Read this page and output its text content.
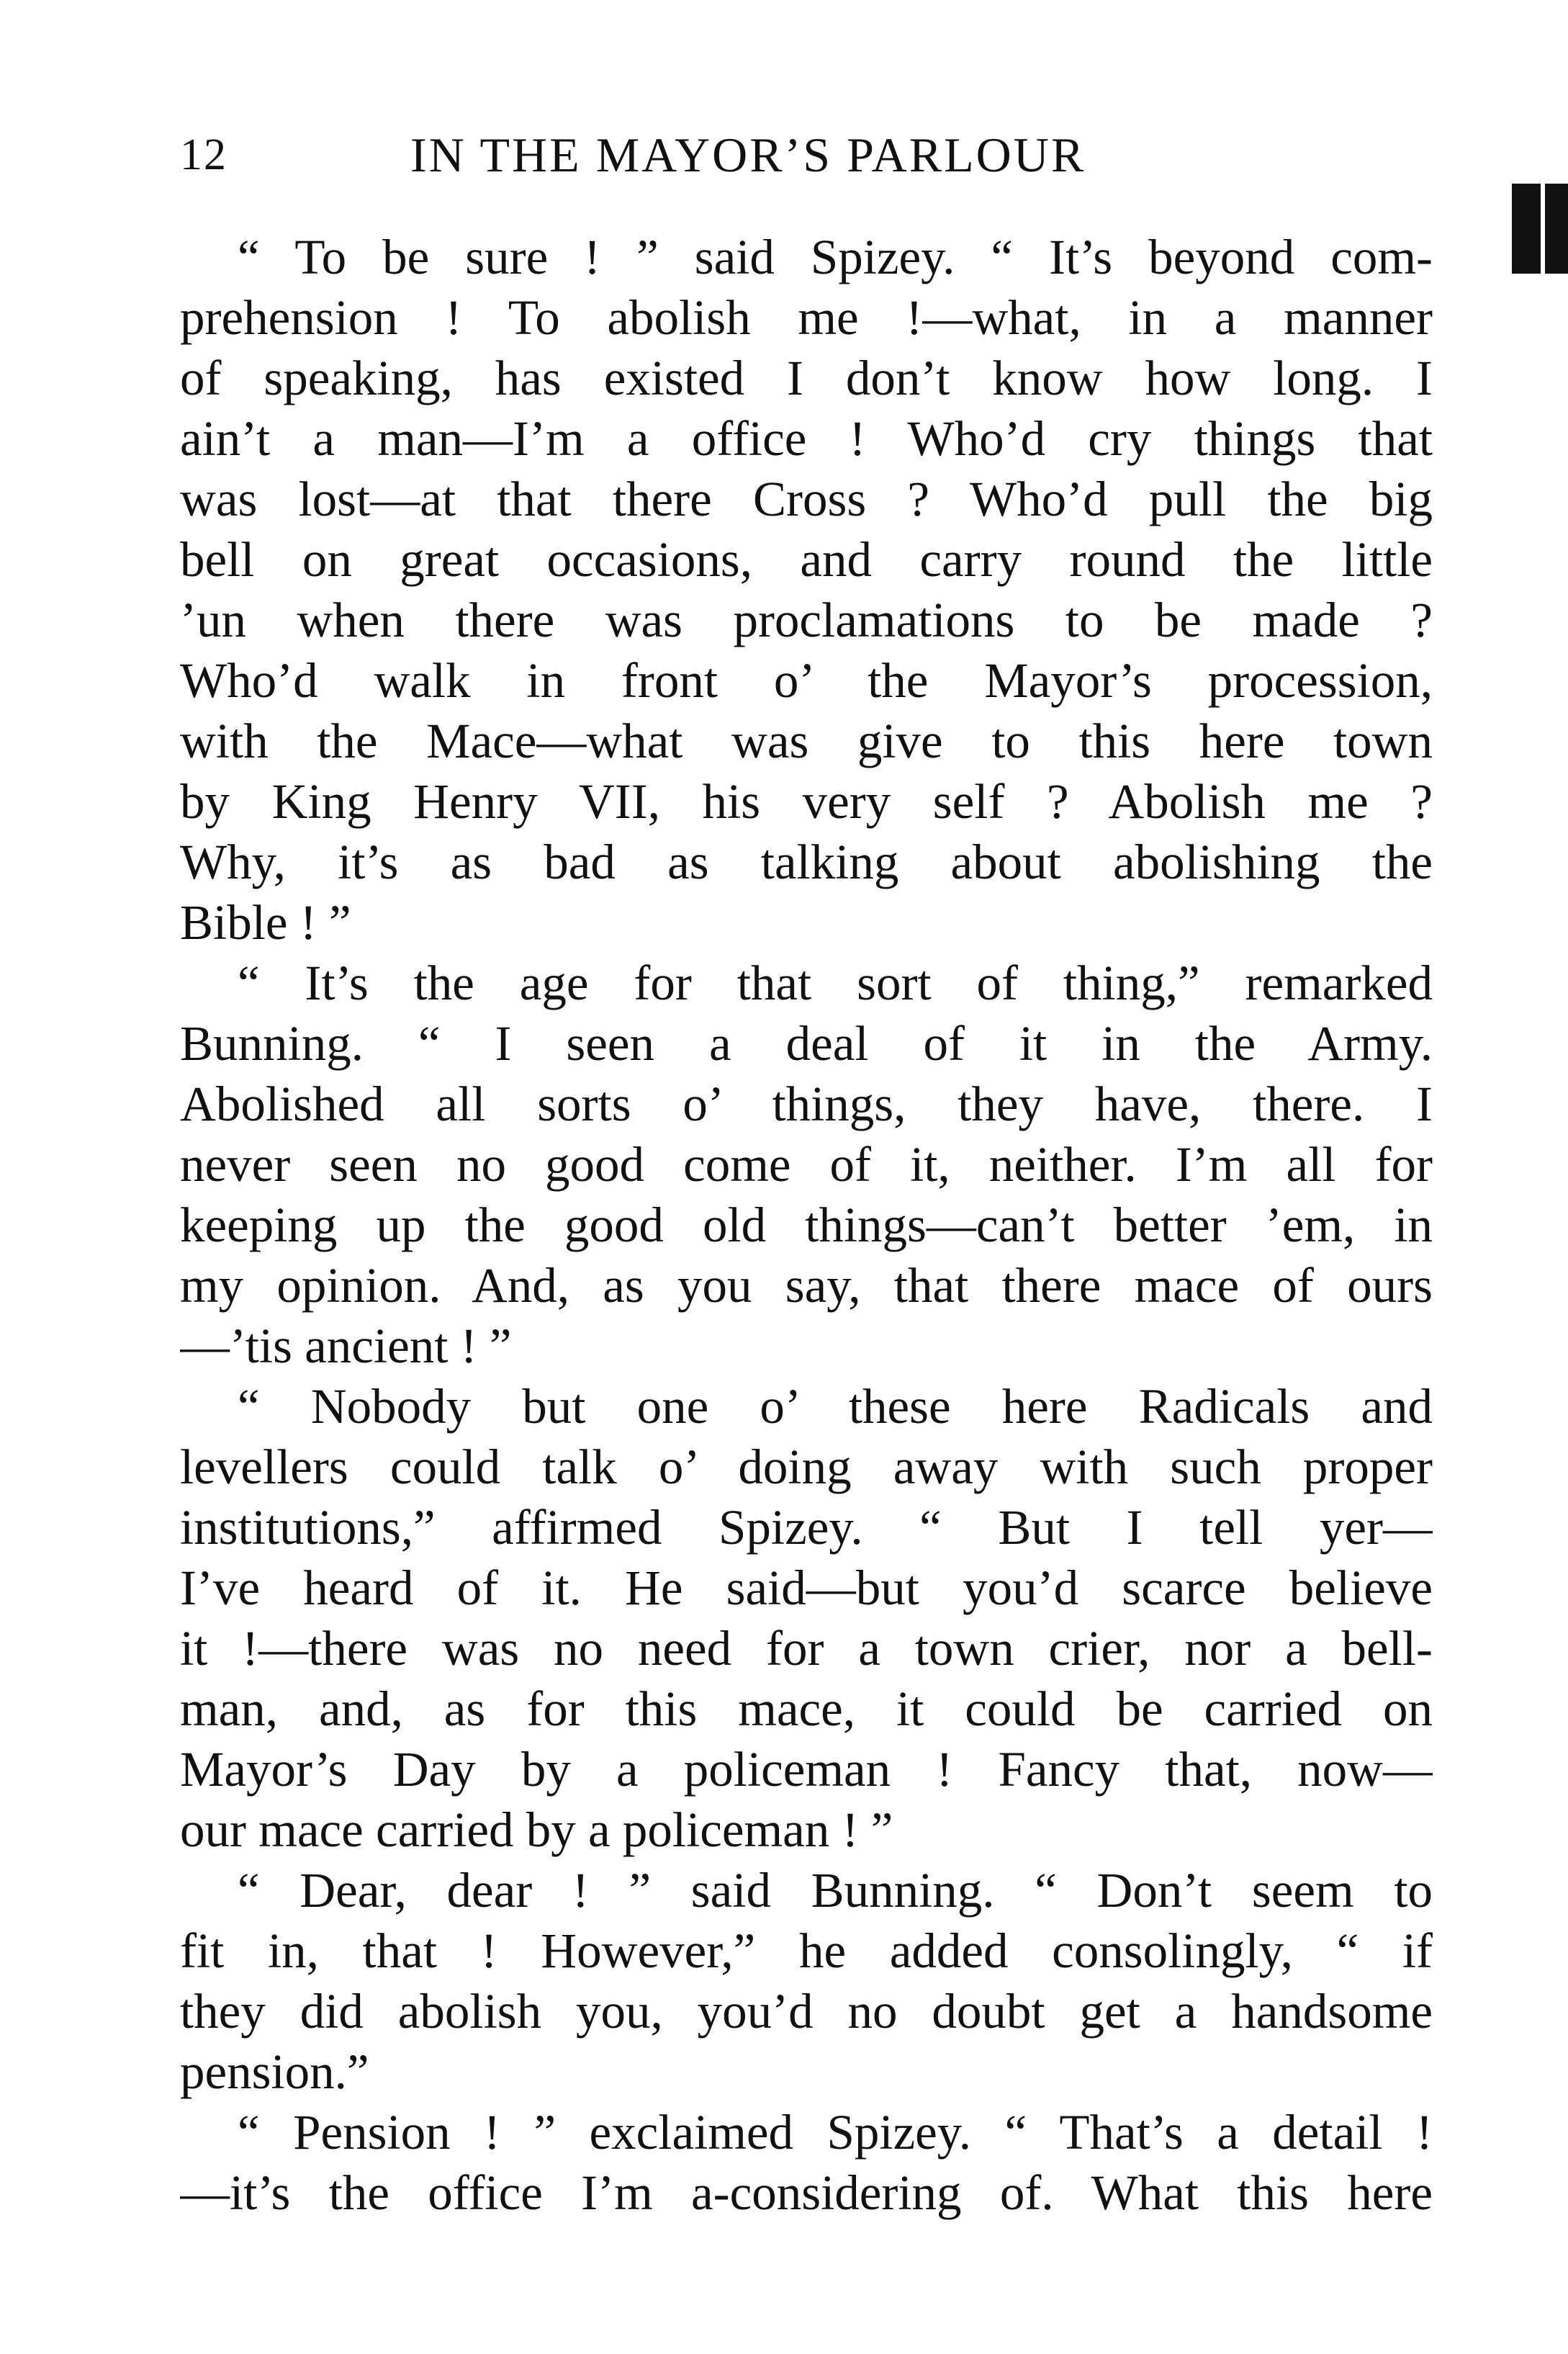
12	IN THE MAYOR’S PARLOUR
“ To be sure ! ” said Spizey. “ It’s beyond com-
prehension ! To abolish me !—what, in a manner
of speaking, has existed I don’t know how long. I
ain’t a man—I’m a office ! Who’d cry things that
was lost—at that there Cross ? Who’d pull the big
bell on great occasions, and carry round the little
’un when there was proclamations to be made ?
Who’d walk in front o’ the Mayor’s procession,
with the Mace—what was give to this here town
by King Henry VII, his very self ? Abolish me ?
Why, it’s as bad as talking about abolishing the
Bible ! ”
“ It’s the age for that sort of thing,” remarked
Bunning. “ I seen a deal of it in the Army.
Abolished all sorts o’ things, they have, there. I
never seen no good come of it, neither. I’m all for
keeping up the good old things—can’t better ’em, in
my opinion. And, as you say, that there mace of ours
—’tis ancient ! ”
“ Nobody but one o’ these here Radicals and
levellers could talk o’ doing away with such proper
institutions,” affirmed Spizey. “ But I tell yer—
I’ve heard of it. He said—but you’d scarce believe
it !—there was no need for a town crier, nor a bell-
man, and, as for this mace, it could be carried on
Mayor’s Day by a policeman ! Fancy that, now—
our mace carried by a policeman ! ”
“ Dear, dear ! ” said Bunning. “ Don’t seem to
fit in, that ! However,” he added consolingly, “ if
they did abolish you, you’d no doubt get a handsome
pension.”
“ Pension ! ” exclaimed Spizey. “ That’s a detail !
—it’s the office I’m a-considering of. What this here
